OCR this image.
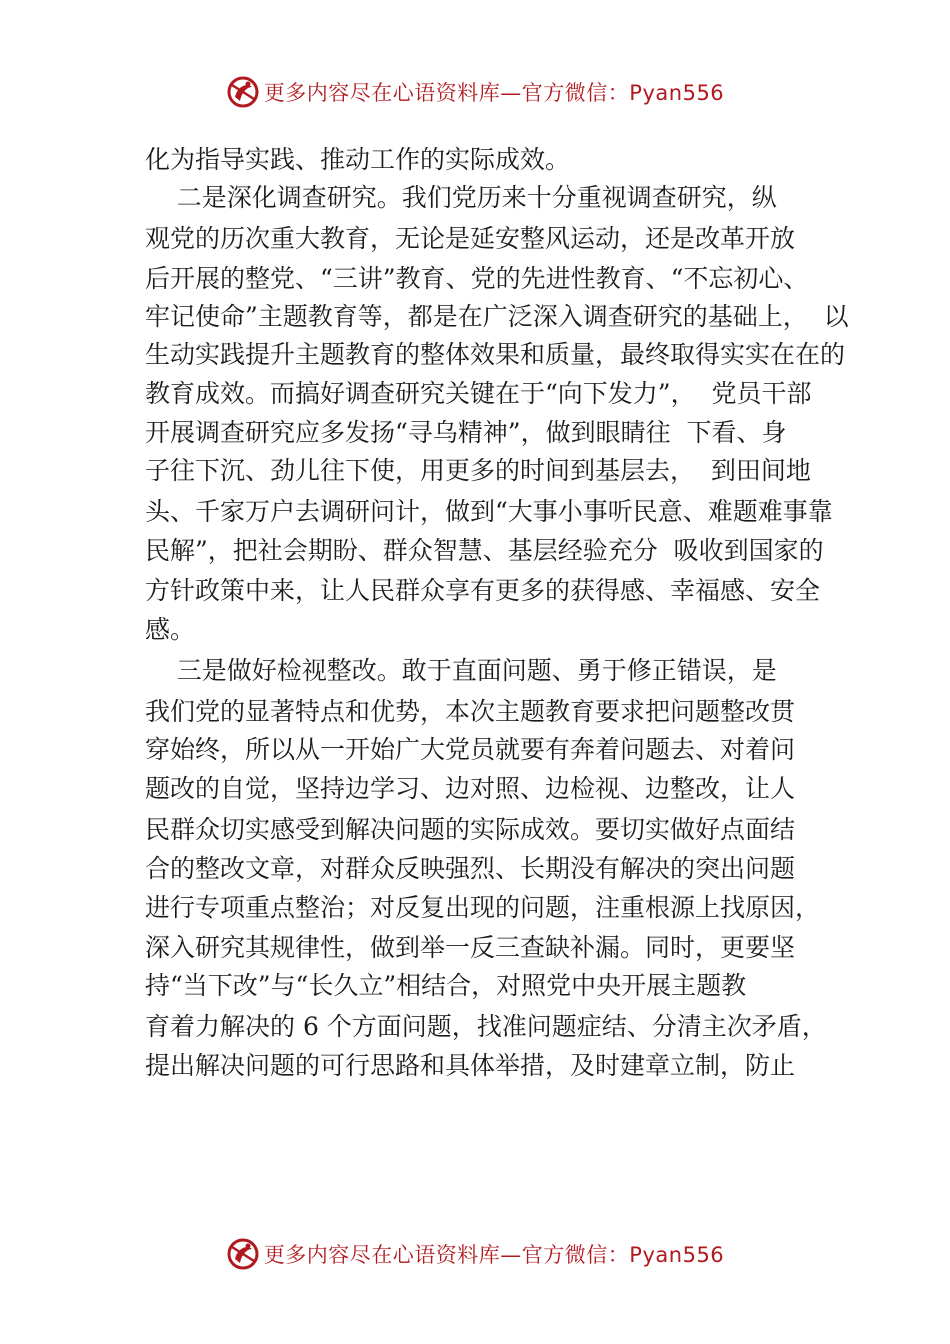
更多内容尽在心语资料库—官方微信：Pyan556
化为指导实践、推动工作的实际成效。
二是深化调查研究。我们党历来十分重视调查研究，纵
观党的历次重大教育，无论是延安整风运动，还是改革开放
后开展的整党、“三讲”教育、党的先进性教育、“不忘初心、
牢记使命”主题教育等，都是在广泛深入调查研究的基础上，  以
生动实践提升主题教育的整体效果和质量，最终取得实实在在的
教育成效。而搞好调查研究关键在于“向下发力”，  党员干部
开展调查研究应多发扬“寻乌精神”，做到眼睛往  下看、身
子往下沉、劲儿往下使，用更多的时间到基层去，  到田间地
头、千家万户去调研问计，做到“大事小事听民意、难题难事靠
民解”，把社会期盼、群众智慧、基层经验充分  吸收到国家的
方针政策中来，让人民群众享有更多的获得感、幸福感、安全
感。
三是做好检视整改。敢于直面问题、勇于修正错误，是
我们党的显著特点和优势，本次主题教育要求把问题整改贯
穿始终，所以从一开始广大党员就要有奔着问题去、对着问
题改的自觉，坚持边学习、边对照、边检视、边整改，让人
民群众切实感受到解决问题的实际成效。要切实做好点面结
合的整改文章，对群众反映强烈、长期没有解决的突出问题
进行专项重点整治；对反复出现的问题，注重根源上找原因，
深入研究其规律性，做到举一反三查缺补漏。同时，更要坚
持“当下改”与“长久立”相结合，对照党中央开展主题教
育着力解决的 6 个方面问题，找准问题症结、分清主次矛盾，
提出解决问题的可行思路和具体举措，及时建章立制，防止
更多内容尽在心语资料库—官方微信：Pyan556
